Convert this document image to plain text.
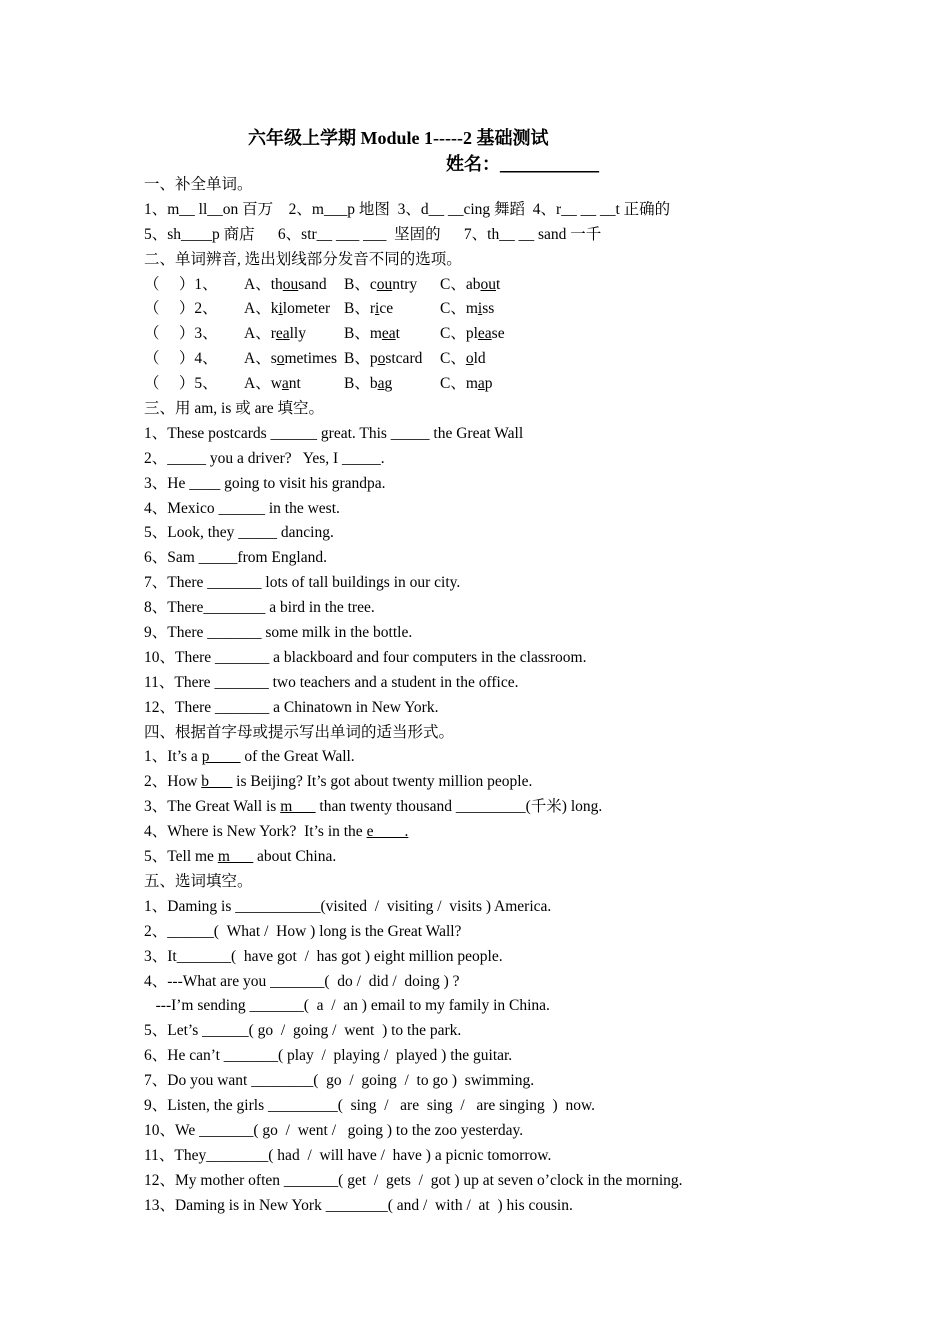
六年级上学期 Module 1-----2 基础测试
姓名：___________
一、补全单词。
1、m__ ll__on 百万    2、m___p 地图  3、d__ __cing 舞蹈  4、r__ __ __t 正确的
5、sh____p 商店      6、str__ ___ ___  坚固的      7、th__ __ sand 一千
二、单词辨音, 选出划线部分发音不同的选项。
（     ）1、 A、thousand B、country C、about
（     ）2、 A、kilometer B、rice	C、miss
（     ）3、 A、really B、meat	C、please
（     ）4、 A、sometimes B、postcard C、old
（     ）5、 A、want	B、bag	C、map
三、用 am, is 或 are 填空。
1、These postcards ______ great. This _____ the Great Wall
2、_____ you a driver?   Yes, I _____.
3、He ____ going to visit his grandpa.
4、Mexico ______ in the west.
5、Look, they _____ dancing.
6、Sam _____from England.
7、There _______ lots of tall buildings in our city.
8、There________ a bird in the tree.
9、There _______ some milk in the bottle.
10、There _______ a blackboard and four computers in the classroom.
11、There _______ two teachers and a student in the office.
12、There _______ a Chinatown in New York.
四、根据首字母或提示写出单词的适当形式。
1、It’s a p____ of the Great Wall.
2、How b___ is Beijing? It’s got about twenty million people.
3、The Great Wall is m___ than twenty thousand _________(千米) long.
4、Where is New York?  It’s in the e____.
5、Tell me m___ about China.
五、选词填空。
1、Daming is ___________(visited  /  visiting /  visits ) America.
2、______(  What /  How ) long is the Great Wall?
3、It_______(  have got  /  has got ) eight million people.
4、---What are you _______(  do /  did /  doing ) ?
---I’m sending _______(  a  /  an ) email to my family in China.
5、Let’s ______( go  /  going /  went  ) to the park.
6、He can’t _______( play  /  playing /  played ) the guitar.
7、Do you want ________(  go  /  going  /  to go )  swimming.
9、Listen, the girls _________(  sing  /   are  sing  /   are singing  )  now.
10、We _______( go  /  went /   going ) to the zoo yesterday.
11、They________( had  /  will have /  have ) a picnic tomorrow.
12、My mother often _______( get  /  gets  /  got ) up at seven o’clock in the morning.
13、Daming is in New York ________( and /  with /  at  ) his cousin.
